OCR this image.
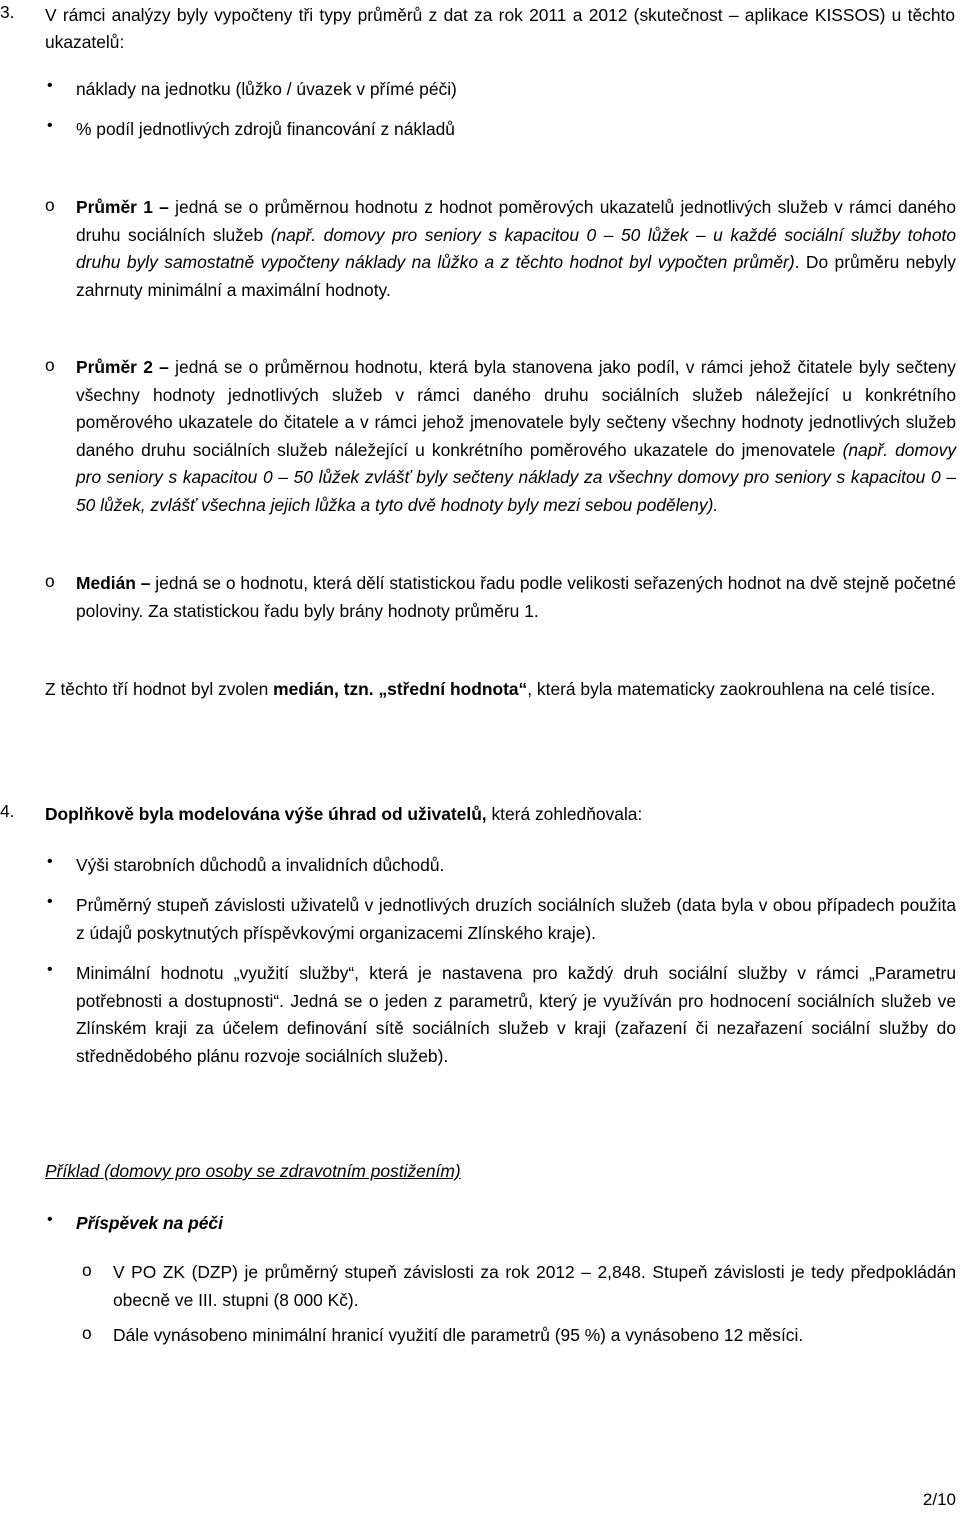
3. V rámci analýzy byly vypočteny tři typy průměrů z dat za rok 2011 a 2012 (skutečnost – aplikace KISSOS) u těchto ukazatelů:

• náklady na jednotku (lůžko / úvazek v přímé péči)

• % podíl jednotlivých zdrojů financování z nákladů

o Průměr 1 – jedná se o průměrnou hodnotu z hodnot poměrových ukazatelů jednotlivých služeb v rámci daného druhu sociálních služeb (např. domovy pro seniory s kapacitou 0 – 50 lůžek – u každé sociální služby tohoto druhu byly samostatně vypočteny náklady na lůžko a z těchto hodnot byl vypočten průměr). Do průměru nebyly zahrnuty minimální a maximální hodnoty.

o Průměr 2 – jedná se o průměrnou hodnotu, která byla stanovena jako podíl, v rámci jehož čitatele byly sečteny všechny hodnoty jednotlivých služeb v rámci daného druhu sociálních služeb náležející u konkrétního poměrového ukazatele do čitatele a v rámci jehož jmenovatele byly sečteny všechny hodnoty jednotlivých služeb daného druhu sociálních služeb náležející u konkrétního poměrového ukazatele do jmenovatele (např. domovy pro seniory s kapacitou 0 – 50 lůžek zvlášť byly sečteny náklady za všechny domovy pro seniory s kapacitou 0 – 50 lůžek, zvlášť všechna jejich lůžka a tyto dvě hodnoty byly mezi sebou poděleny).

o Medián – jedná se o hodnotu, která dělí statistickou řadu podle velikosti seřazených hodnot na dvě stejně početné poloviny. Za statistickou řadu byly brány hodnoty průměru 1.

Z těchto tří hodnot byl zvolen medián, tzn. „střední hodnota“, která byla matematicky zaokrouhlena na celé tisíce.

4. Doplňkově byla modelována výše úhrad od uživatelů, která zohledňovala:

• Výši starobních důchodů a invalidních důchodů.

• Průměrný stupeň závislosti uživatelů v jednotlivých druzích sociálních služeb (data byla v obou případech použita z údajů poskytnutých příspěvkovými organizacemi Zlínského kraje).

• Minimální hodnotu „využití služby“, která je nastavena pro každý druh sociální služby v rámci „Parametru potřebnosti a dostupnosti“. Jedná se o jeden z parametrů, který je využíván pro hodnocení sociálních služeb ve Zlínském kraji za účelem definování sítě sociálních služeb v kraji (zařazení či nezařazení sociální služby do střednědobého plánu rozvoje sociálních služeb).

Příklad (domovy pro osoby se zdravotním postižením)

• Příspěvek na péči

o V PO ZK (DZP) je průměrný stupeň závislosti za rok 2012 – 2,848. Stupeň závislosti je tedy předpokládán obecně ve III. stupni (8 000 Kč).

o Dále vynásobeno minimální hranicí využití dle parametrů (95 %) a vynásobeno 12 měsíci.

2/10
